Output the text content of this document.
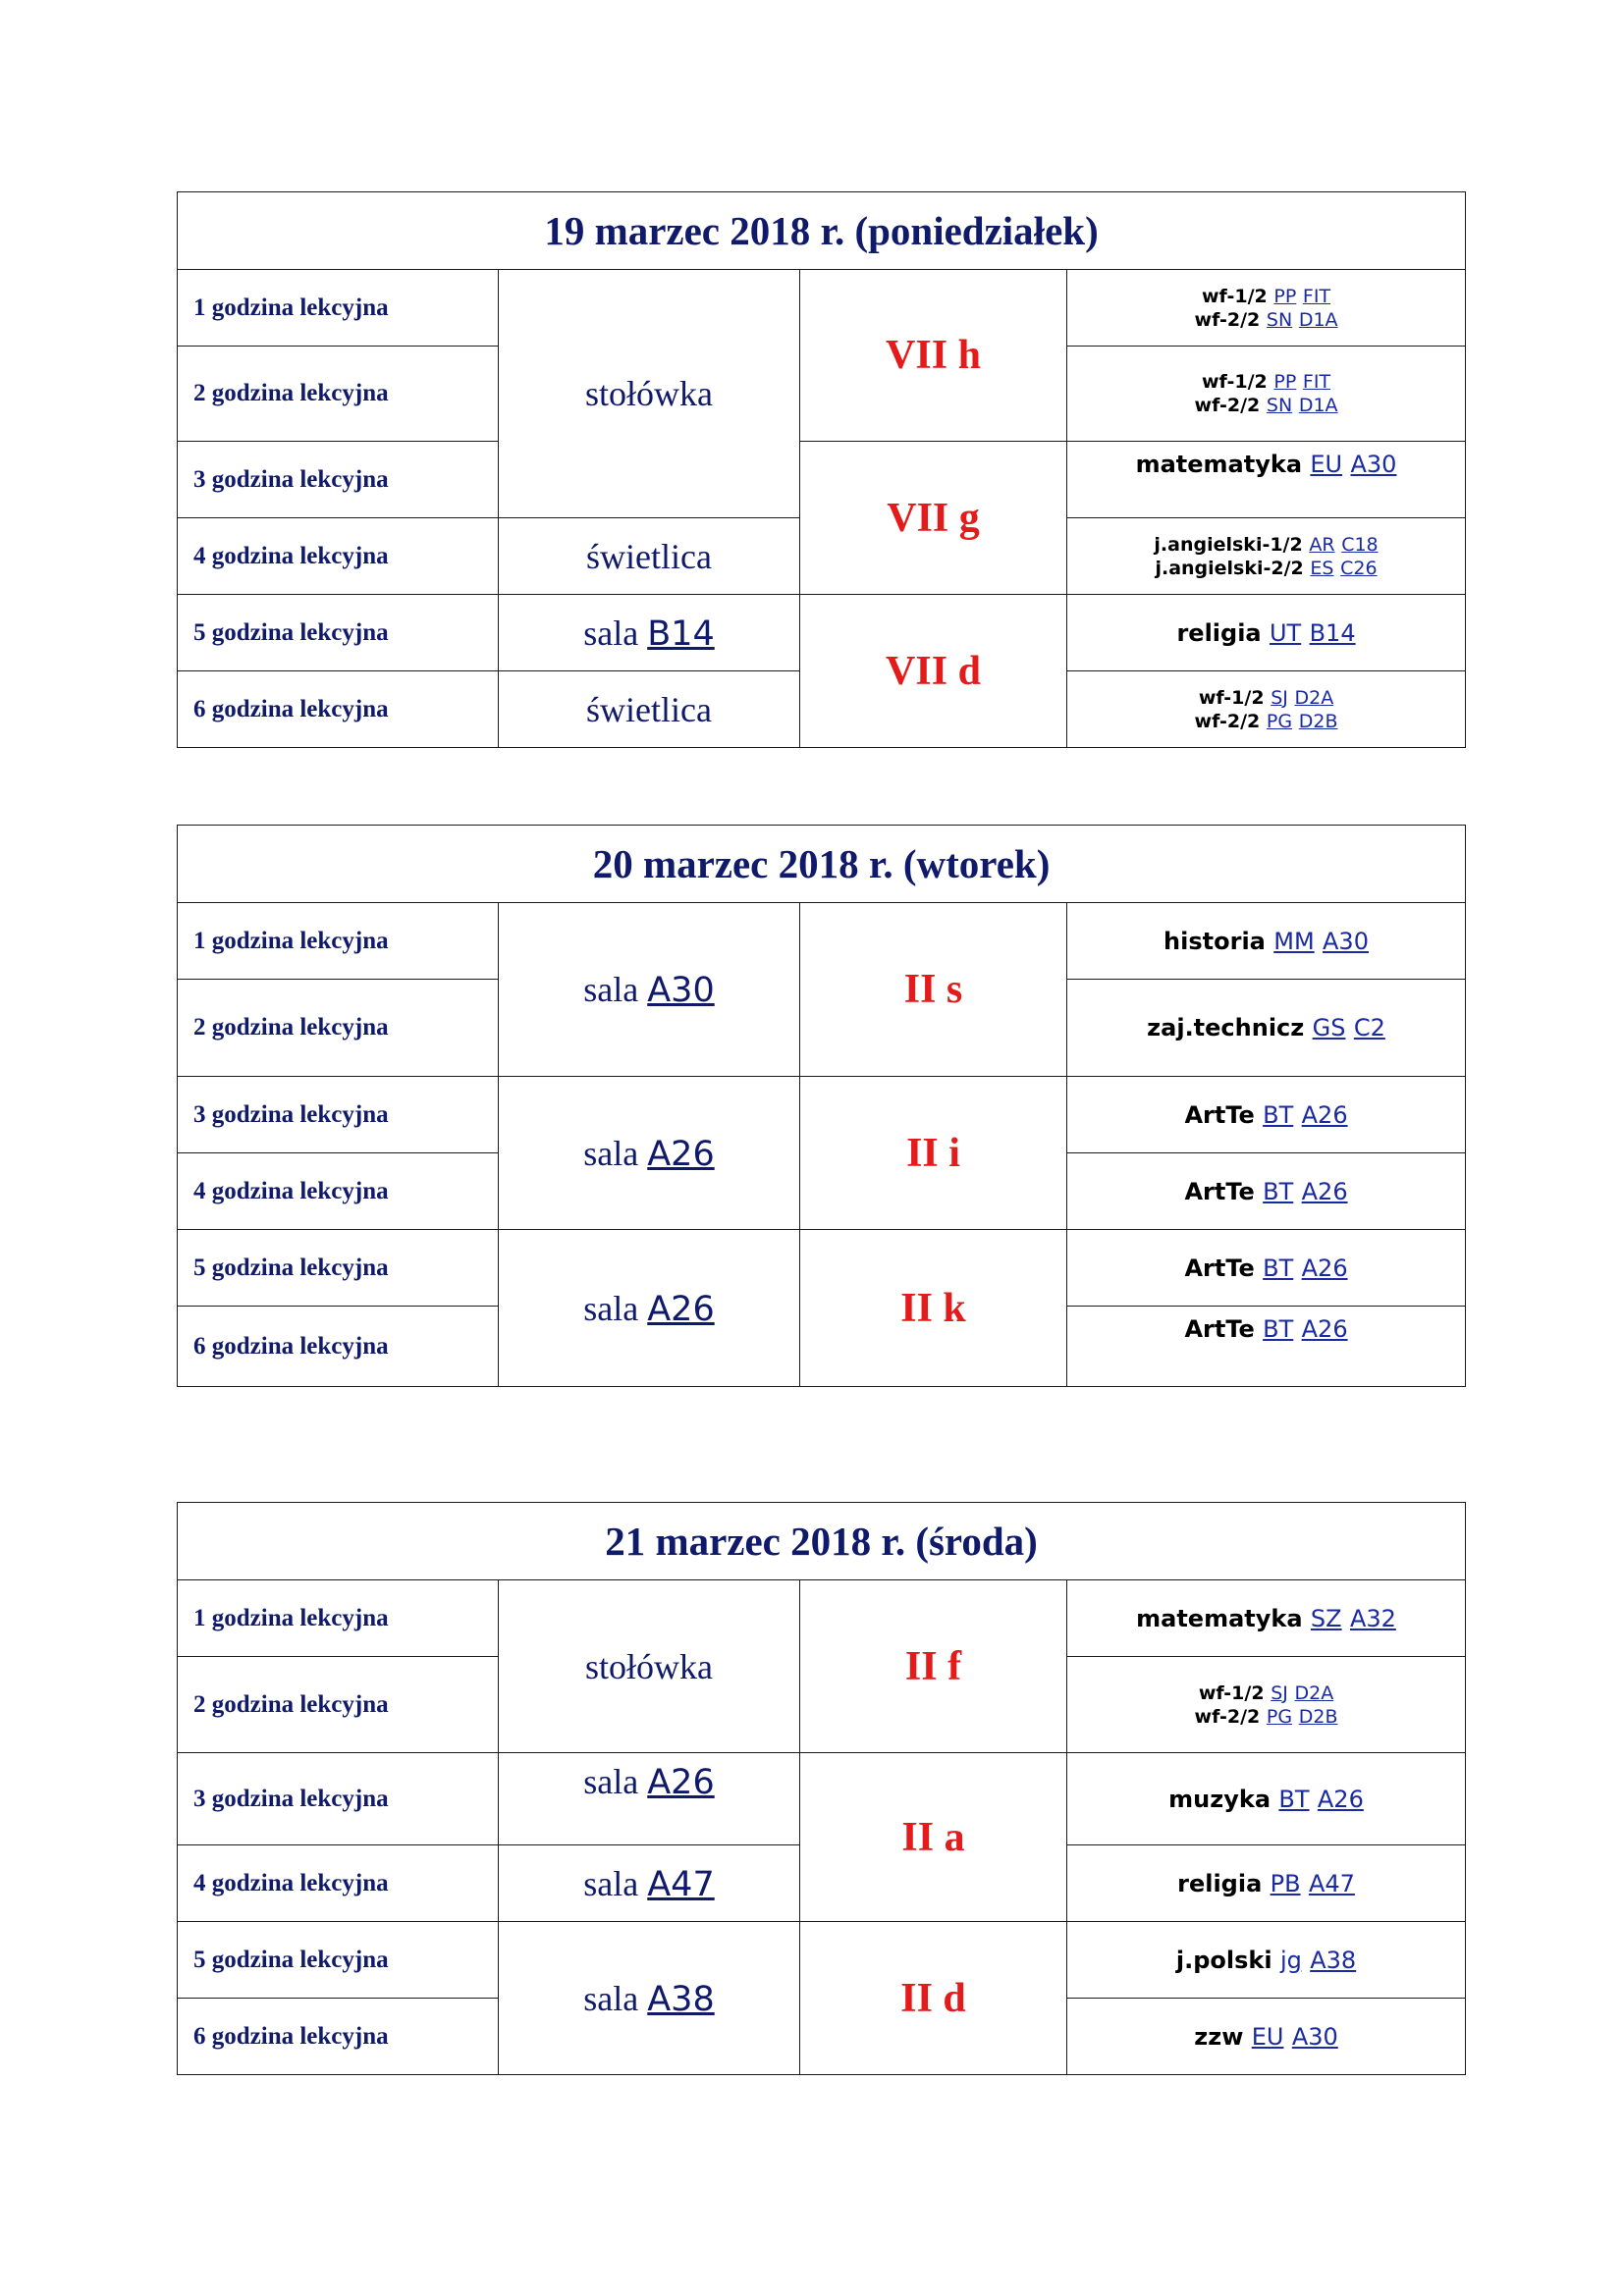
19 marzec 2018 r. (poniedziałek)			
1 godzina lekcyjna	stołówka	VII h	wf-1/2 PP FIT
wf-2/2 SN D1A

2 godzina lekcyjna			wf-1/2 PP FIT
wf-2/2 SN D1A

3 godzina lekcyjna		VII g	matematyka EU A30

4 godzina lekcyjna	świetlica		j.angielski-1/2 AR C18
j.angielski-2/2 ES C26

5 godzina lekcyjna	sala B14	VII d	religia UT B14

6 godzina lekcyjna	świetlica		wf-1/2 SJ D2A
wf-2/2 PG D2B
20 marzec 2018 r. (wtorek)			
1 godzina lekcyjna	sala A30	II s	historia MM A30

2 godzina lekcyjna			zaj.technicz GS C2

3 godzina lekcyjna	sala A26	II i	ArtTe BT A26

4 godzina lekcyjna			ArtTe BT A26

5 godzina lekcyjna	sala A26	II k	ArtTe BT A26

6 godzina lekcyjna			ArtTe BT A26
21 marzec 2018 r. (środa)			
1 godzina lekcyjna	stołówka	II f	matematyka SZ A32

2 godzina lekcyjna			wf-1/2 SJ D2A
wf-2/2 PG D2B

3 godzina lekcyjna	sala A26	II a	muzyka BT A26

4 godzina lekcyjna	sala A47		religia PB A47

5 godzina lekcyjna	sala A38	II d	j.polski jg A38

6 godzina lekcyjna			zzw EU A30
